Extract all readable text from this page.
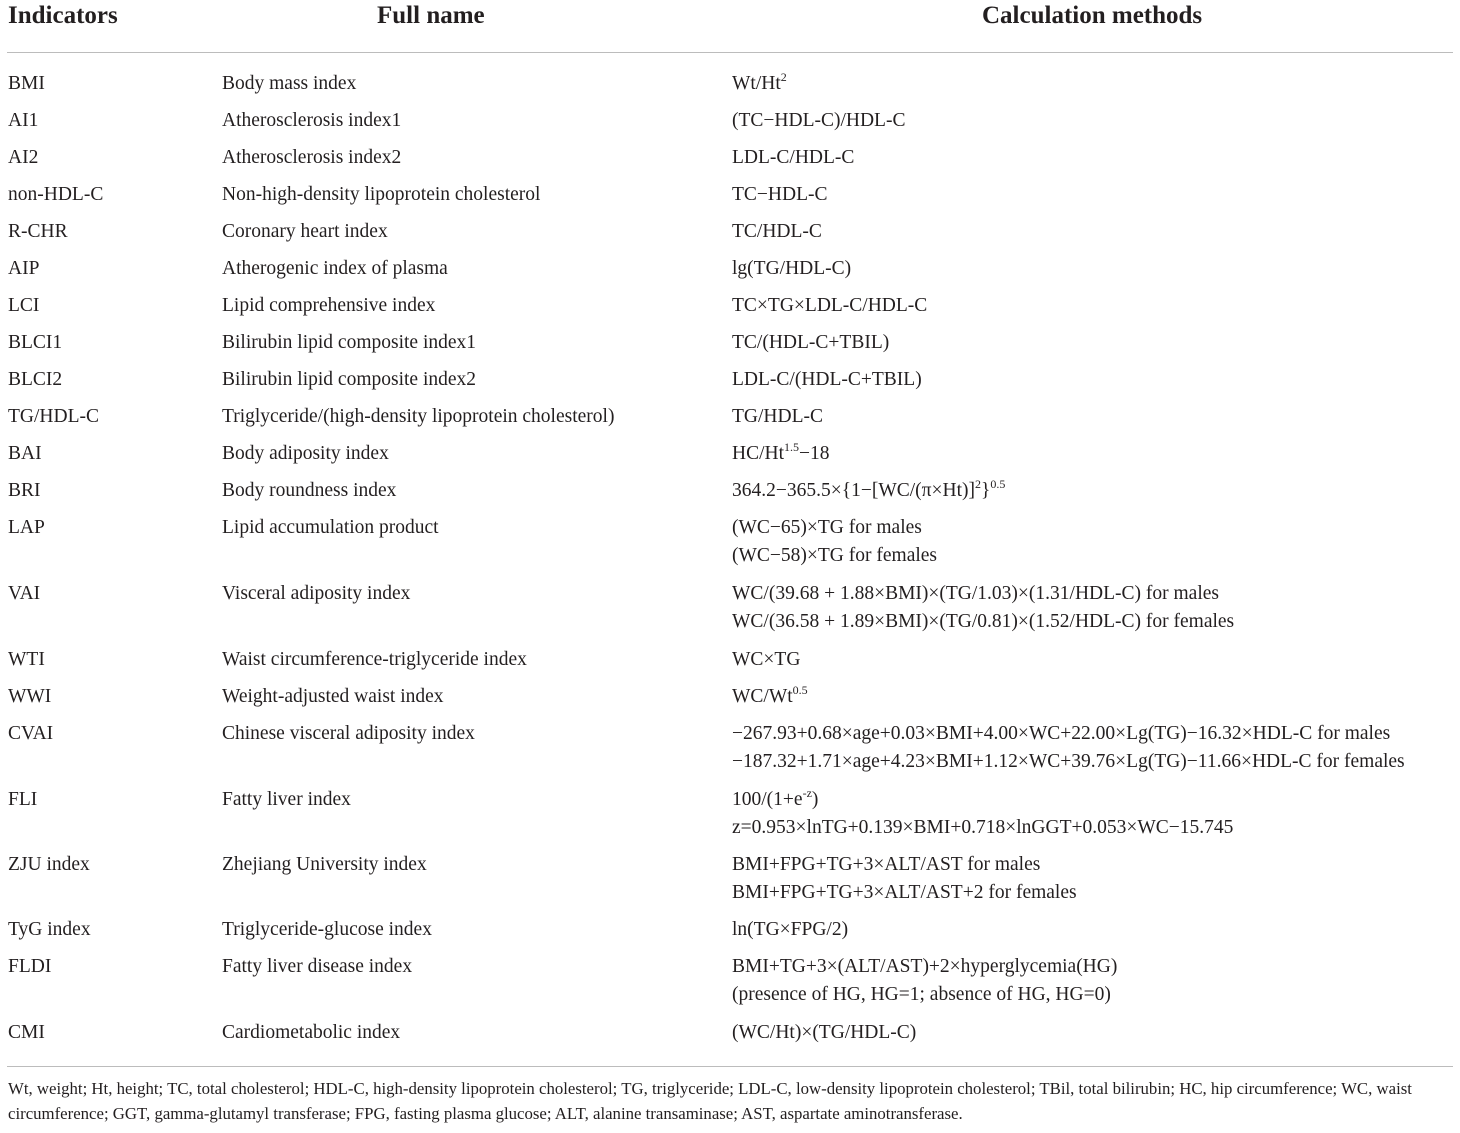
Indicators	Full name	Calculation methods
BMI	Body mass index	Wt/Ht$^2$
AI1	Atherosclerosis index1	(TC−HDL-C)/HDL-C
AI2	Atherosclerosis index2	LDL-C/HDL-C
non-HDL-C	Non-high-density lipoprotein cholesterol	TC−HDL-C
R-CHR	Coronary heart index	TC/HDL-C
AIP	Atherogenic index of plasma	lg(TG/HDL-C)
LCI	Lipid comprehensive index	TC×TG×LDL-C/HDL-C
BLCI1	Bilirubin lipid composite index1	TC/(HDL-C+TBIL)
BLCI2	Bilirubin lipid composite index2	LDL-C/(HDL-C+TBIL)
TG/HDL-C	Triglyceride/(high-density lipoprotein cholesterol)	TG/HDL-C
BAI	Body adiposity index	$HC/Ht^{1.5}-18$
BRI	Body roundness index	$364.2-365.5\times\{1-[WC/(\pi\times Ht)]^2\}^{0.5}$
LAP	Lipid accumulation product	(WC−65)×TG for males
(WC−58)×TG for females
VAI	Visceral adiposity index	WC/(39.68 + 1.88×BMI)×(TG/1.03)×(1.31/HDL-C) for males
WC/(36.58 + 1.89×BMI)×(TG/0.81)×(1.52/HDL-C) for females
WTI	Waist circumference-triglyceride index	WC×TG
WWI	Weight-adjusted waist index	$WC/Wt^{0.5}$
CVAI	Chinese visceral adiposity index	−267.93+0.68×age+0.03×BMI+4.00×WC+22.00×Lg(TG)−16.32×HDL-C for males
−187.32+1.71×age+4.23×BMI+1.12×WC+39.76×Lg(TG)−11.66×HDL-C for females
FLI	Fatty liver index	$100/(1+e^{-z})$
z=0.953×lnTG+0.139×BMI+0.718×lnGGT+0.053×WC−15.745
ZJU index	Zhejiang University index	BMI+FPG+TG+3×ALT/AST for males
BMI+FPG+TG+3×ALT/AST+2 for females
TyG index	Triglyceride-glucose index	ln(TG×FPG/2)
FLDI	Fatty liver disease index	BMI+TG+3×(ALT/AST)+2×hyperglycemia(HG)
(presence of HG, HG=1; absence of HG, HG=0)
CMI	Cardiometabolic index	(WC/Ht)×(TG/HDL-C)
Wt, weight; Ht, height; TC, total cholesterol; HDL-C, high-density lipoprotein cholesterol; TG, triglyceride; LDL-C, low-density lipoprotein cholesterol; TBil, total bilirubin; HC, hip circumference; WC, waist circumference; GGT, gamma-glutamyl transferase; FPG, fasting plasma glucose; ALT, alanine transaminase; AST, aspartate aminotransferase.
